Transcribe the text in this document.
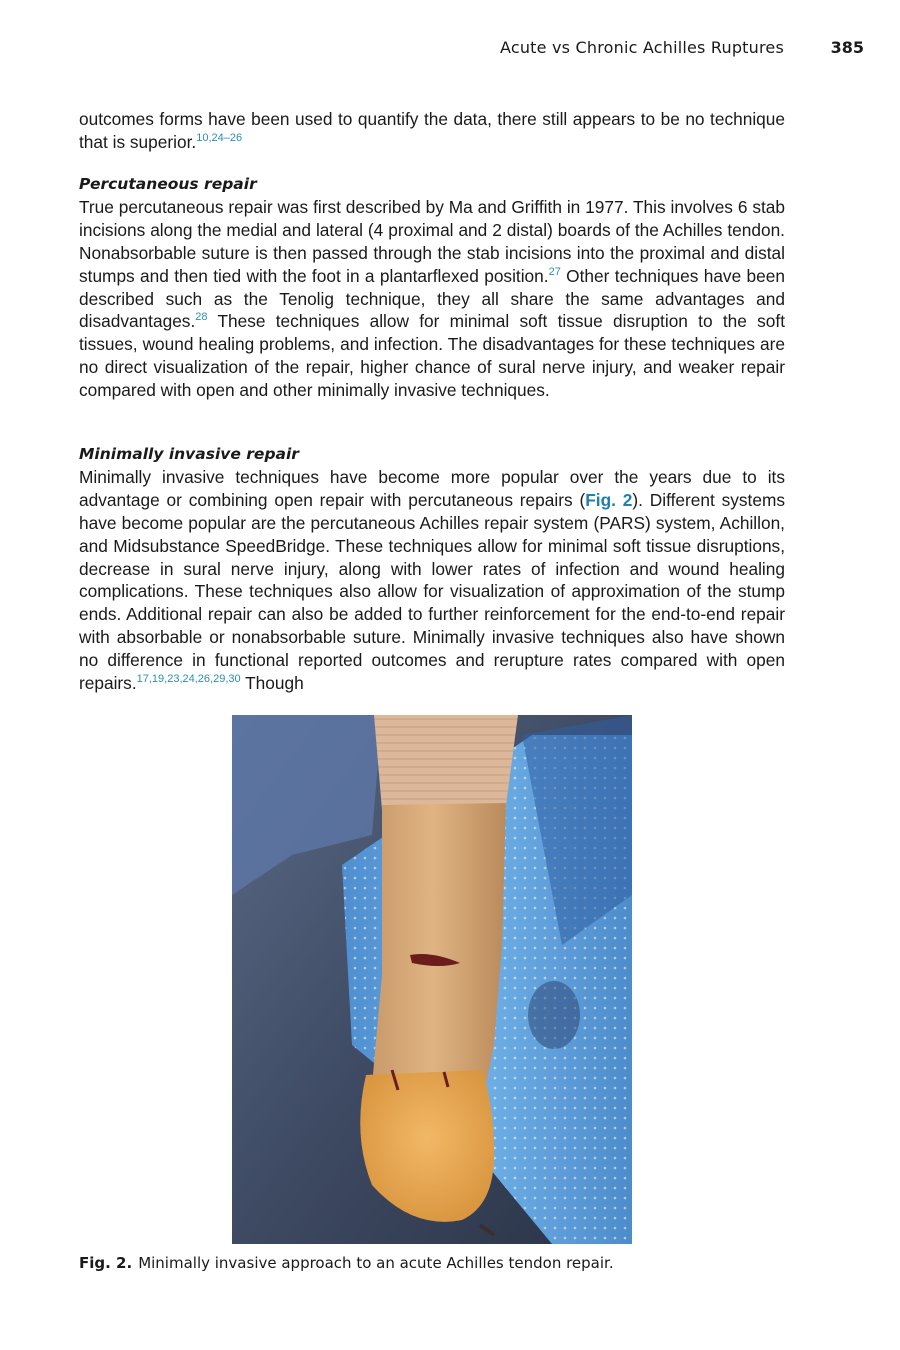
Acute vs Chronic Achilles Ruptures	385

outcomes forms have been used to quantify the data, there still appears to be no technique that is superior.$^{10,24-26}$

Percutaneous repair

True percutaneous repair was first described by Ma and Griffith in 1977. This involves 6 stab incisions along the medial and lateral (4 proximal and 2 distal) boards of the Achilles tendon. Nonabsorbable suture is then passed through the stab incisions into the proximal and distal stumps and then tied with the foot in a plantarflexed position.$^{27}$ Other techniques have been described such as the Tenolig technique, they all share the same advantages and disadvantages.$^{28}$ These techniques allow for minimal soft tissue disruption to the soft tissues, wound healing problems, and infection. The disadvantages for these techniques are no direct visualization of the repair, higher chance of sural nerve injury, and weaker repair compared with open and other minimally invasive techniques.

Minimally invasive repair

Minimally invasive techniques have become more popular over the years due to its advantage or combining open repair with percutaneous repairs (Fig. 2). Different systems have become popular are the percutaneous Achilles repair system (PARS) system, Achillon, and Midsubstance SpeedBridge. These techniques allow for minimal soft tissue disruptions, decrease in sural nerve injury, along with lower rates of infection and wound healing complications. These techniques also allow for visualization of approximation of the stump ends. Additional repair can also be added to further reinforcement for the end-to-end repair with absorbable or nonabsorbable suture. Minimally invasive techniques also have shown no difference in functional reported outcomes and rerupture rates compared with open repairs.$^{17,19,23,24,26,29,30}$ Though

Fig. 2. Minimally invasive approach to an acute Achilles tendon repair.
